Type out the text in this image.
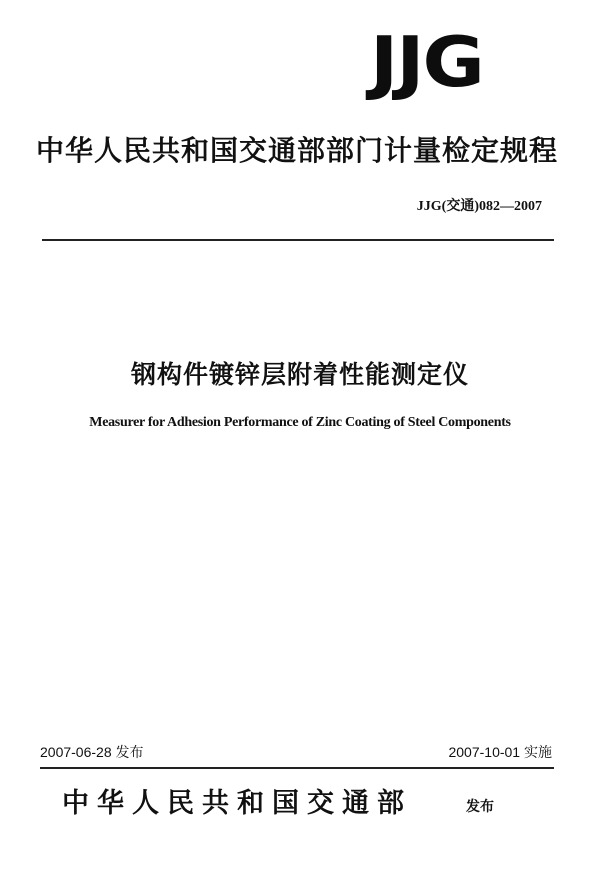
JJG
中华人民共和国交通部部门计量检定规程
JJG(交通)082—2007
钢构件镀锌层附着性能测定仪
Measurer for Adhesion Performance of Zinc Coating of Steel Components
2007-06-28 发布	2007-10-01 实施
中华人民共和国交通部	发布
